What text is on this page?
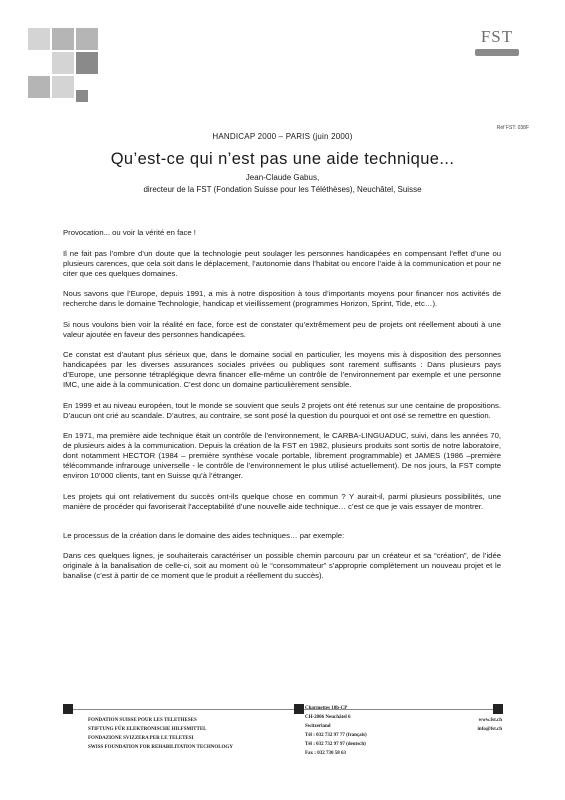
FST
Réf FST: 038F
HANDICAP 2000 – PARIS (juin 2000)
Qu’est-ce qui n’est pas une aide technique...
Jean-Claude Gabus,
directeur de la FST (Fondation Suisse pour les Téléthèses), Neuchâtel, Suisse

Provocation... ou voir la vérité en face !

Il ne fait pas l’ombre d’un doute que la technologie peut soulager les personnes handicapées en compensant l’effet d’une ou plusieurs carences, que cela soit dans le déplacement, l’autonomie dans l’habitat ou encore l’aide à la communication et pour ne citer que ces quelques domaines.

Nous savons que l’Europe, depuis 1991, a mis à notre disposition à tous d’importants moyens pour financer nos activités de recherche dans le domaine Technologie, handicap et vieillissement (programmes Horizon, Sprint, Tide, etc…).

Si nous voulons bien voir la réalité en face, force est de constater qu’extrêmement peu de projets ont réellement abouti à une valeur ajoutée en faveur des personnes handicapées.

Ce constat est d’autant plus sérieux que, dans le domaine social en particulier, les moyens mis à disposition des personnes handicapées par les diverses assurances sociales privées ou publiques sont rarement suffisants : Dans plusieurs pays d’Europe, une personne tétraplégique devra financer elle-même un contrôle de l’environnement par exemple et une personne IMC, une aide à la communication. C’est donc un domaine particulièrement sensible.

En 1999 et au niveau européen, tout le monde se souvient que seuls 2 projets ont été retenus sur une centaine de propositions. D’aucun ont crié au scandale. D’autres, au contraire, se sont posé la question du pourquoi et ont osé se remettre en question.

En 1971, ma première aide technique était un contrôle de l’environnement, le CARBA-LINGUADUC, suivi, dans les années 70, de plusieurs aides à la communication. Depuis la création de la FST en 1982, plusieurs produits sont sortis de notre laboratoire, dont notamment HECTOR (1984 – première synthèse vocale portable, librement programmable) et JAMES (1986 –première télécommande infrarouge universelle - le contrôle de l’environnement le plus utilisé actuellement). De nos jours, la FST compte environ 10’000 clients, tant en Suisse qu’à l’étranger.

Les projets qui ont relativement du succès ont-ils quelque chose en commun ? Y aurait-il, parmi plusieurs possibilités, une manière de procéder qui favoriserait l’acceptabilité d’une nouvelle aide technique… c’est ce que je vais essayer de montrer.

Le processus de la création dans le domaine des aides techniques… par exemple:

Dans ces quelques lignes, je souhaiterais caractériser un possible chemin parcouru par un créateur et sa “création”, de l’idée originale à la banalisation de celle-ci, soit au moment où le “consommateur” s’approprie complètement un nouveau projet et le banalise (c’est à partir de ce moment que le produit a réellement du succès).

FONDATION SUISSE POUR LES TELETHESES
STIFTUNG FÜR ELEKTRONISCHE HILFSMITTEL
FONDAZIONE SVIZZERA PER LE TELETESI
SWISS FOUNDATION FOR REHABILITATION TECHNOLOGY
Charmettes 10b-CP
CH-2006 Neuchâtel 6
Switzerland
Tél : 032 732 97 77 (français)
Tél : 032 732 97 97 (deutsch)
Fax : 032 730 58 63
www.fst.ch
info@fst.ch
